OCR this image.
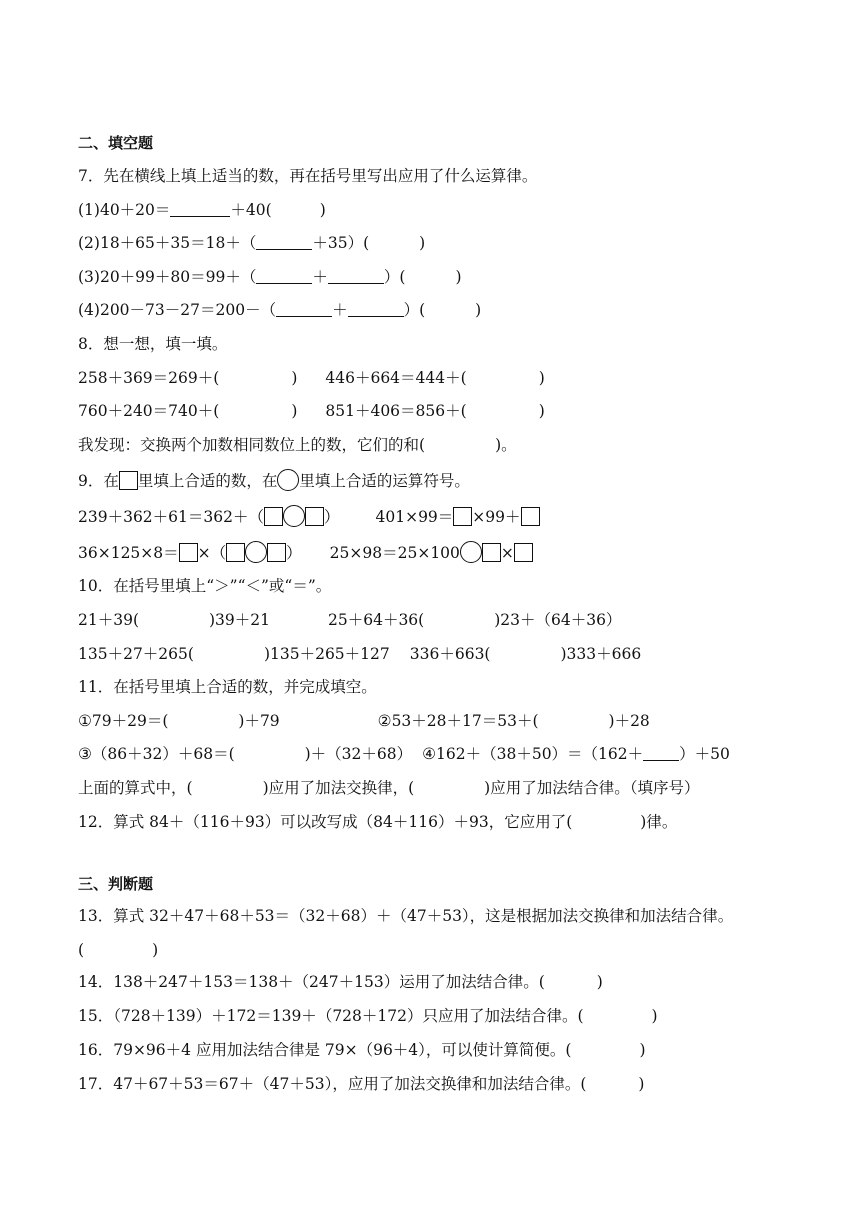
二、填空题
7．先在横线上填上适当的数，再在括号里写出应用了什么运算律。
(1)40＋20＝	＋40(	)
(2)18＋65＋35＝18＋（	＋35）(	)
(3)20＋99＋80＝99＋（	＋	）(	)
(4)200－73－27＝200－（	＋	）(	)
8．想一想，填一填。
258＋369＝269＋(	) 446＋664＝444＋(	)
760＋240＝740＋(	) 851＋406＝856＋(	)
我发现：交换两个加数相同数位上的数，它们的和(	)。
9．在 里填上合适的数，在 里填上合适的运算符号。
239＋362＋61＝362＋（	） 401×99＝ ×99＋
36×125×8＝ ×（	） 25×98＝25×100	×
10．在括号里填上“＞”“＜”或“＝”。
21＋39(	)39＋21	25＋64＋36(	)23＋（64＋36）
135＋27＋265(	)135＋265＋127 336＋663(	)333＋666
11．在括号里填上合适的数，并完成填空。
①79＋29＝(	)＋79	②53＋28＋17＝53＋(	)＋28
③（86＋32）＋68＝(	)＋（32＋68） ④162＋（38＋50）＝（162＋ ）＋50
上面的算式中，(	)应用了加法交换律，(	)应用了加法结合律。（填序号）
12．算式 84＋（116＋93）可以改写成（84＋116）＋93，它应用了(	)律。
三、判断题
13．算式 32＋47＋68＋53＝（32＋68）＋（47＋53），这是根据加法交换律和加法结合律。
(	)
14．138＋247＋153＝138＋（247＋153）运用了加法结合律。(	)
15．（728＋139）＋172＝139＋（728＋172）只应用了加法结合律。(	)
16．79×96＋4 应用加法结合律是 79×（96＋4），可以使计算简便。(	)
17．47＋67＋53＝67＋（47＋53），应用了加法交换律和加法结合律。(	)
